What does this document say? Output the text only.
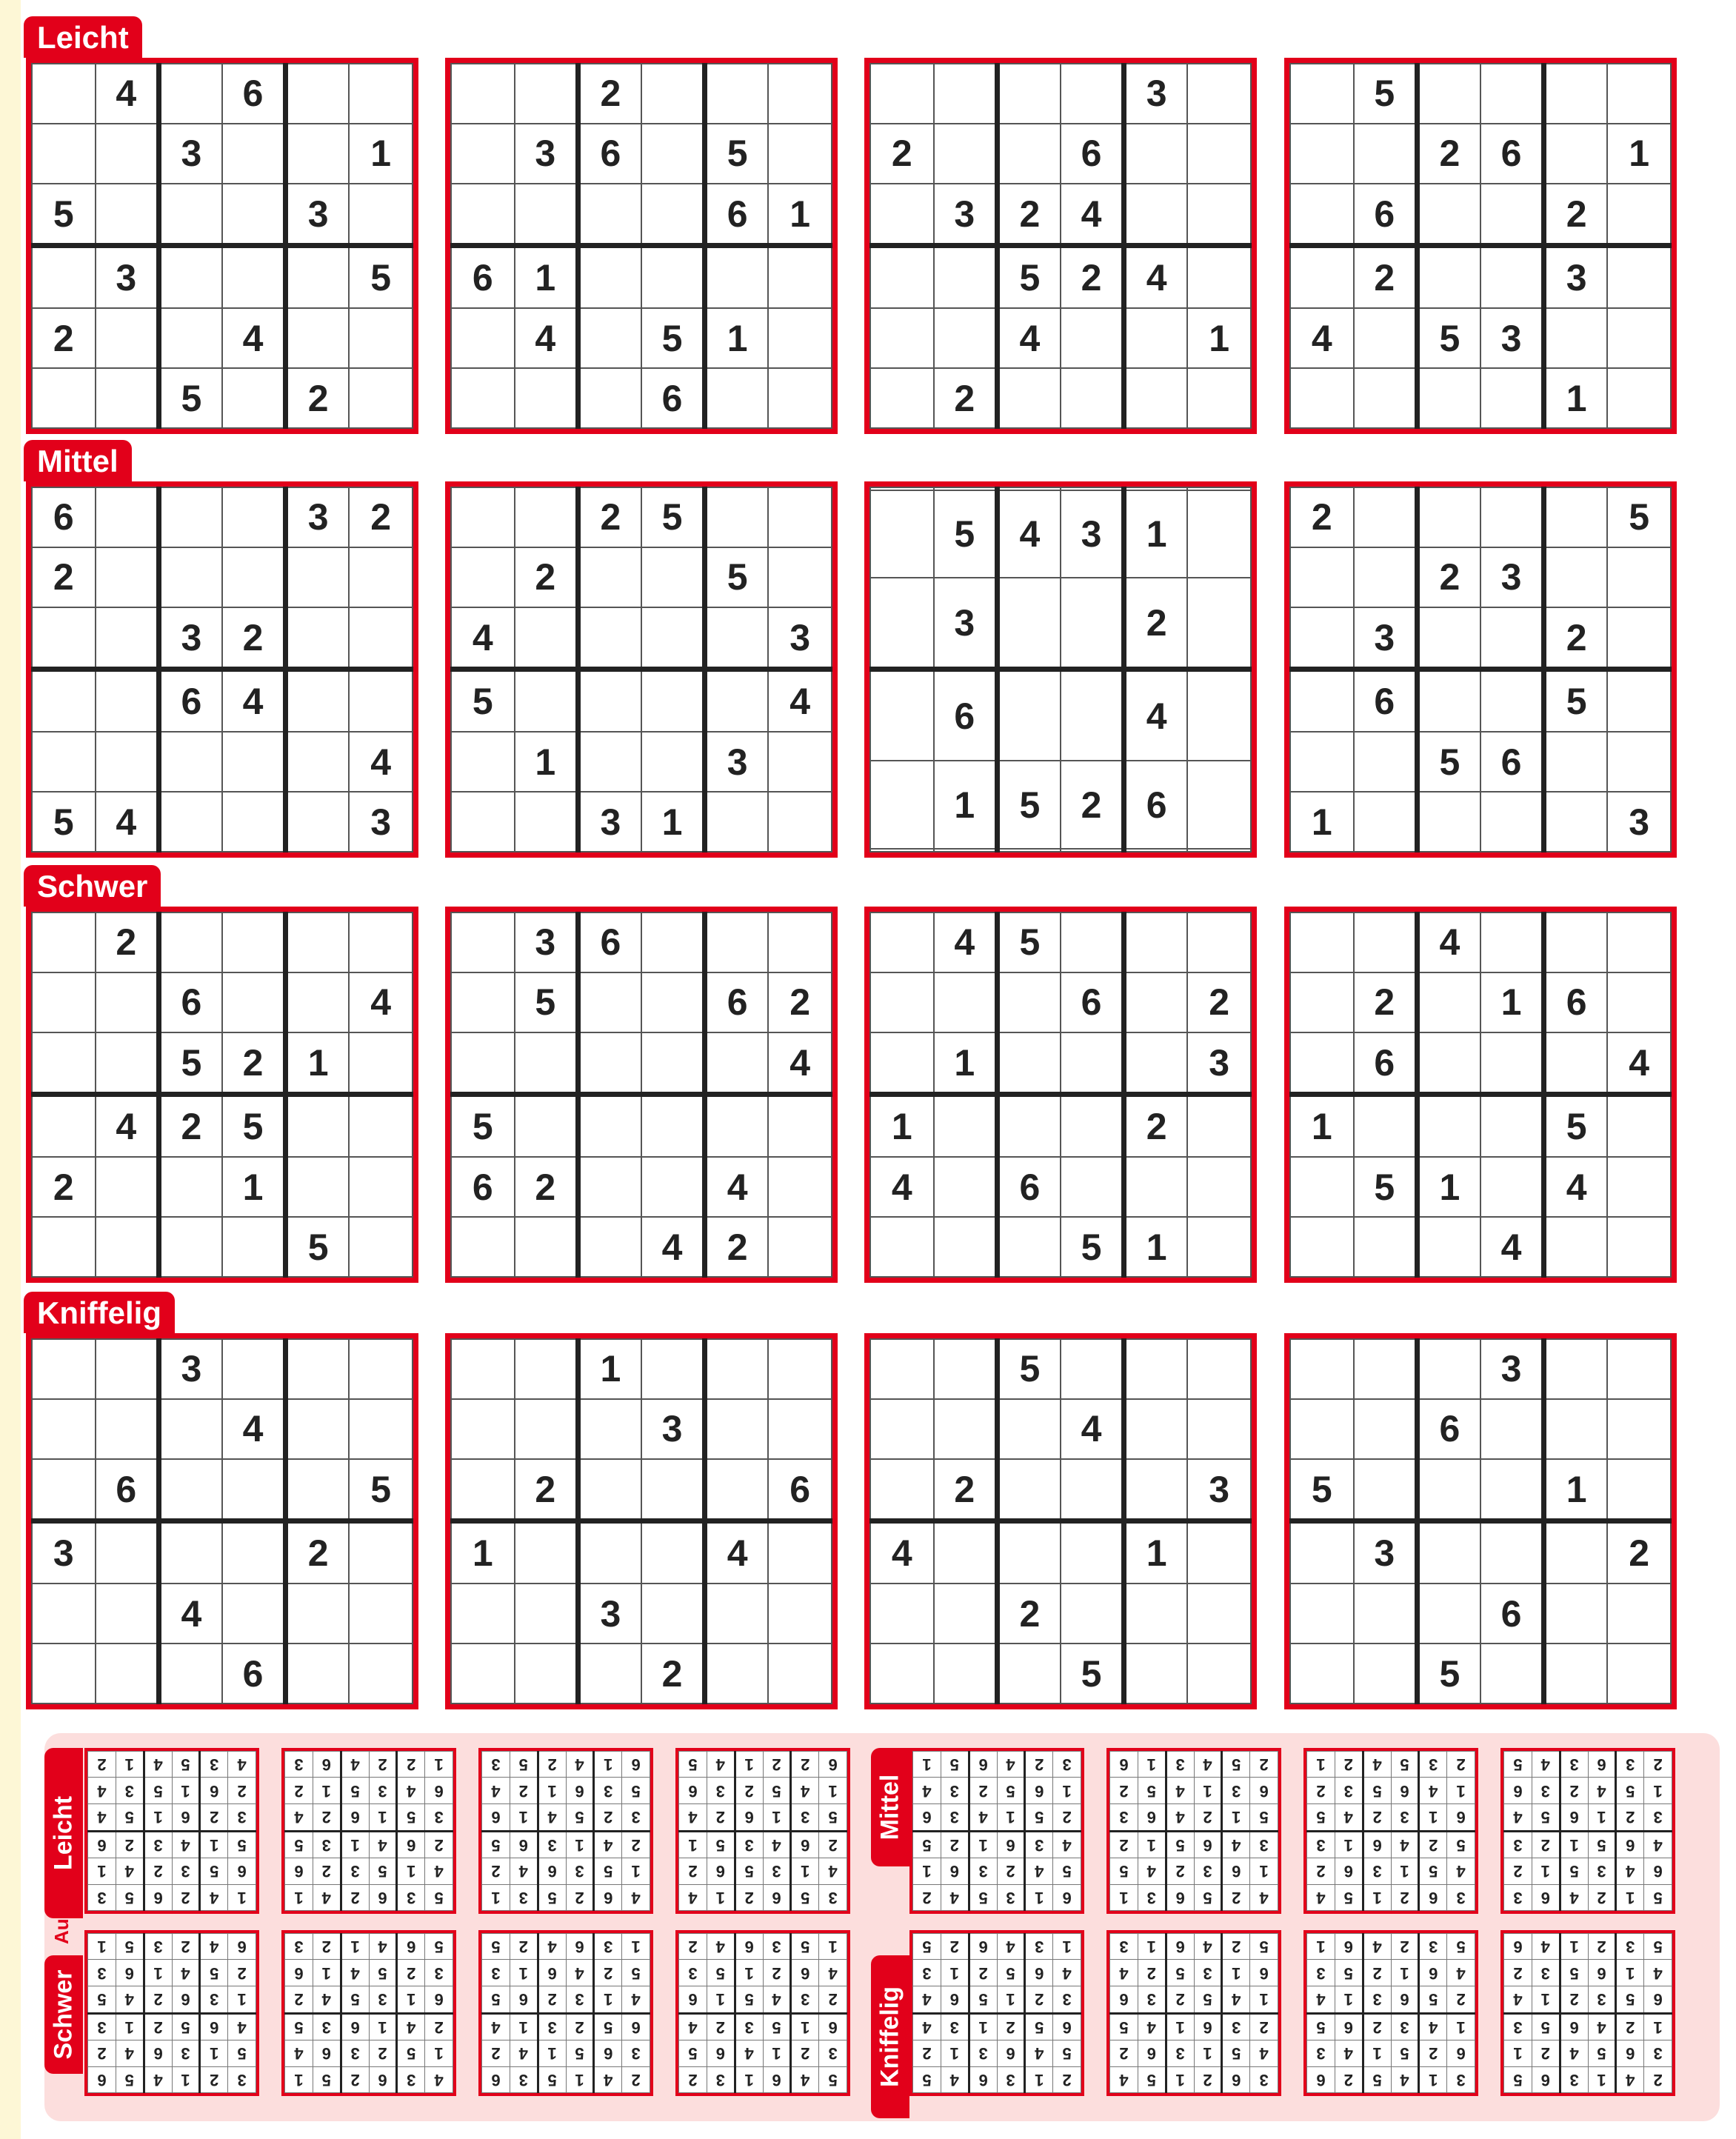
Leicht
	4		6		
		3			1
5				3	
	3				5
2			4		
		5		2	
		2			
	3	6		5	
				6	1
6	1				
	4		5	1	
			6		
				3	
2			6		
	3	2	4		
		5	2	4	
		4			1
	2				
	5				
		2	6		1
	6			2	
	2			3	
4		5	3		
				1	
Mittel
6				3	2
2					
		3	2		
		6	4		
					4
5	4				3
		2	5		
	2			5	
4					3
5					4
	1			3	
		3	1		

	5	4	3	1	
	3			2	
	6			4	
	1	5	2	6	

2					5
		2	3		
	3			2	
	6			5	
		5	6		
1					3
Schwer
	2				
		6			4
		5	2	1	
	4	2	5		
2			1		
				5	
	3	6			
	5			6	2
					4
5					
6	2			4	
			4	2	
	4	5			
			6		2
	1				3
1				2	
4		6			
			5	1	
		4			
	2		1	6	
	6				4
1				5	
	5	1		4	
			4		
Kniffelig
		3			
			4		
	6				5
3				2	
		4			
			6		
		1			
			3		
	2				6
1				4	
		3			
			2		
		5			
			4		
	2				3
4				1	
		2			
			5		
			3		
		6			
5				1	
	3				2
			6		
		5			
Leicht
1	4	2	6	5	3
6	5	3	2	4	1
5	1	4	3	2	6
3	2	6	1	5	4
2	6	1	5	3	4
4	3	5	4	1	2
5	3	6	2	4	1
4	1	5	3	2	6
2	6	4	1	3	5
3	5	1	6	2	4
6	4	3	5	1	2
1	2	2	4	6	3
4	6	2	5	3	1
1	5	3	6	4	2
2	4	1	3	6	5
3	2	5	4	1	6
5	3	6	1	2	4
6	1	4	2	5	3
3	5	6	2	1	4
4	1	3	5	6	2
2	6	4	3	5	1
5	3	1	6	2	4
1	4	5	2	3	6
6	2	2	1	4	5
Mittel
6	1	3	5	4	2
5	4	2	3	6	1
4	3	6	1	2	5
2	5	1	4	3	6
1	6	5	2	3	4
3	2	4	6	5	1
4	2	5	6	3	1
1	6	3	2	4	5
3	4	6	5	1	2
5	1	2	4	6	3
6	3	1	4	5	2
2	5	4	3	1	6
3	6	2	1	5	4
4	5	1	3	6	2
5	2	4	6	1	3
6	1	3	2	4	5
1	4	6	5	3	2
2	3	5	4	2	1
5	1	2	4	6	3
6	4	3	5	1	2
4	6	5	1	2	3
3	2	1	6	5	4
1	5	4	2	3	6
2	3	6	3	4	5
Schwer
3	2	1	4	5	6
5	1	3	6	4	2
4	6	5	2	1	3
1	3	6	2	4	5
2	5	4	1	6	3
6	4	2	3	5	1
4	3	6	2	5	1
1	5	2	3	6	4
2	4	1	6	3	5
6	1	3	5	4	2
3	2	5	4	1	6
5	6	4	1	2	3
2	4	1	5	3	6
3	6	5	1	4	2
6	5	2	3	1	4
4	1	3	2	6	5
5	2	4	6	1	3
1	3	6	4	2	5
5	4	6	1	3	2
3	2	1	4	6	5
6	1	5	3	2	4
2	3	4	5	1	6
4	6	2	1	5	3
1	5	3	6	4	2
Kniffelig	2	1	3	6	4	5
5	4	6	3	1	2
6	5	2	1	3	4
3	2	1	5	6	4
4	6	5	2	1	3
1	3	4	6	2	5
3	6	2	1	5	4
4	5	1	3	6	2
2	3	6	1	4	5
1	4	5	2	3	6
6	1	3	5	2	4
5	2	4	6	1	3
3	1	4	5	2	6
6	2	5	1	4	3
1	4	3	2	6	5
2	5	6	3	1	4
4	6	1	2	5	3
5	3	2	4	6	1
2	4	1	3	6	5
3	6	5	4	2	1
1	2	4	6	5	3
6	5	3	2	1	4
4	1	6	5	3	2
5	3	2	1	4	6
